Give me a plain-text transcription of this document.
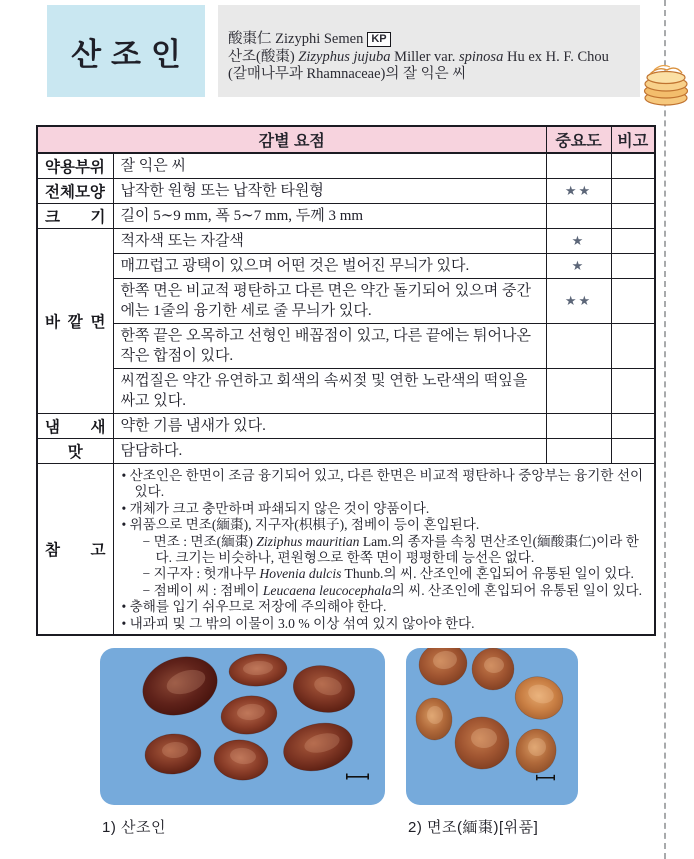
산조인	酸棗仁 Zizyphi Semen KP
산조(酸棗) Zizyphus jujuba Miller var. spinosa Hu ex H. F. Chou
(갈매나무과 Rhamnaceae)의 잘 익은 씨
감별 요점		중요도	비고
약용부위	잘 익은 씨		
전체모양	납작한 원형 또는 납작한 타원형	★★	
크 기	길이 5∼9 mm, 폭 5∼7 mm, 두께 3 mm		
바 깥 면	적자색 또는 자갈색	★	
	매끄럽고 광택이 있으며 어떤 것은 벌어진 무늬가 있다.	★	
	한쪽 면은 비교적 평탄하고 다른 면은 약간 돌기되어 있으며 중간에는 1줄의 융기한 세로 줄 무늬가 있다.	★★	
	한쪽 끝은 오목하고 선형인 배꼽점이 있고, 다른 끝에는 튀어나온 작은 합점이 있다.		
	씨껍질은 약간 유연하고 회색의 속씨젖 및 연한 노란색의 떡잎을 싸고 있다.		
냄 새	약한 기름 냄새가 있다.		
맛	담담하다.		
참 고	
• 산조인은 한면이 조금 융기되어 있고, 다른 한면은 비교적 평탄하나 중앙부는 융기한 선이 있다.
• 개체가 크고 충만하며 파쇄되지 않은 것이 양품이다.
• 위품으로 면조(緬棗), 지구자(枳椇子), 점베이 등이 혼입된다.
− 면조 : 면조(緬棗) Ziziphus mauritian Lam.의 종자를 속칭 면산조인(緬酸棗仁)이라 한다. 크기는 비슷하나, 편원형으로 한쪽 면이 평평한데 능선은 없다.
− 지구자 : 헛개나무 Hovenia dulcis Thunb.의 씨. 산조인에 혼입되어 유통된 일이 있다.
− 점베이 씨 : 점베이 Leucaena leucocephala의 씨. 산조인에 혼입되어 유통된 일이 있다.
• 충해를 입기 쉬우므로 저장에 주의해야 한다.
• 내과피 및 그 밖의 이물이 3.0 % 이상 섞여 있지 않아야 한다.
1) 산조인	2) 면조(緬棗)[위품]
